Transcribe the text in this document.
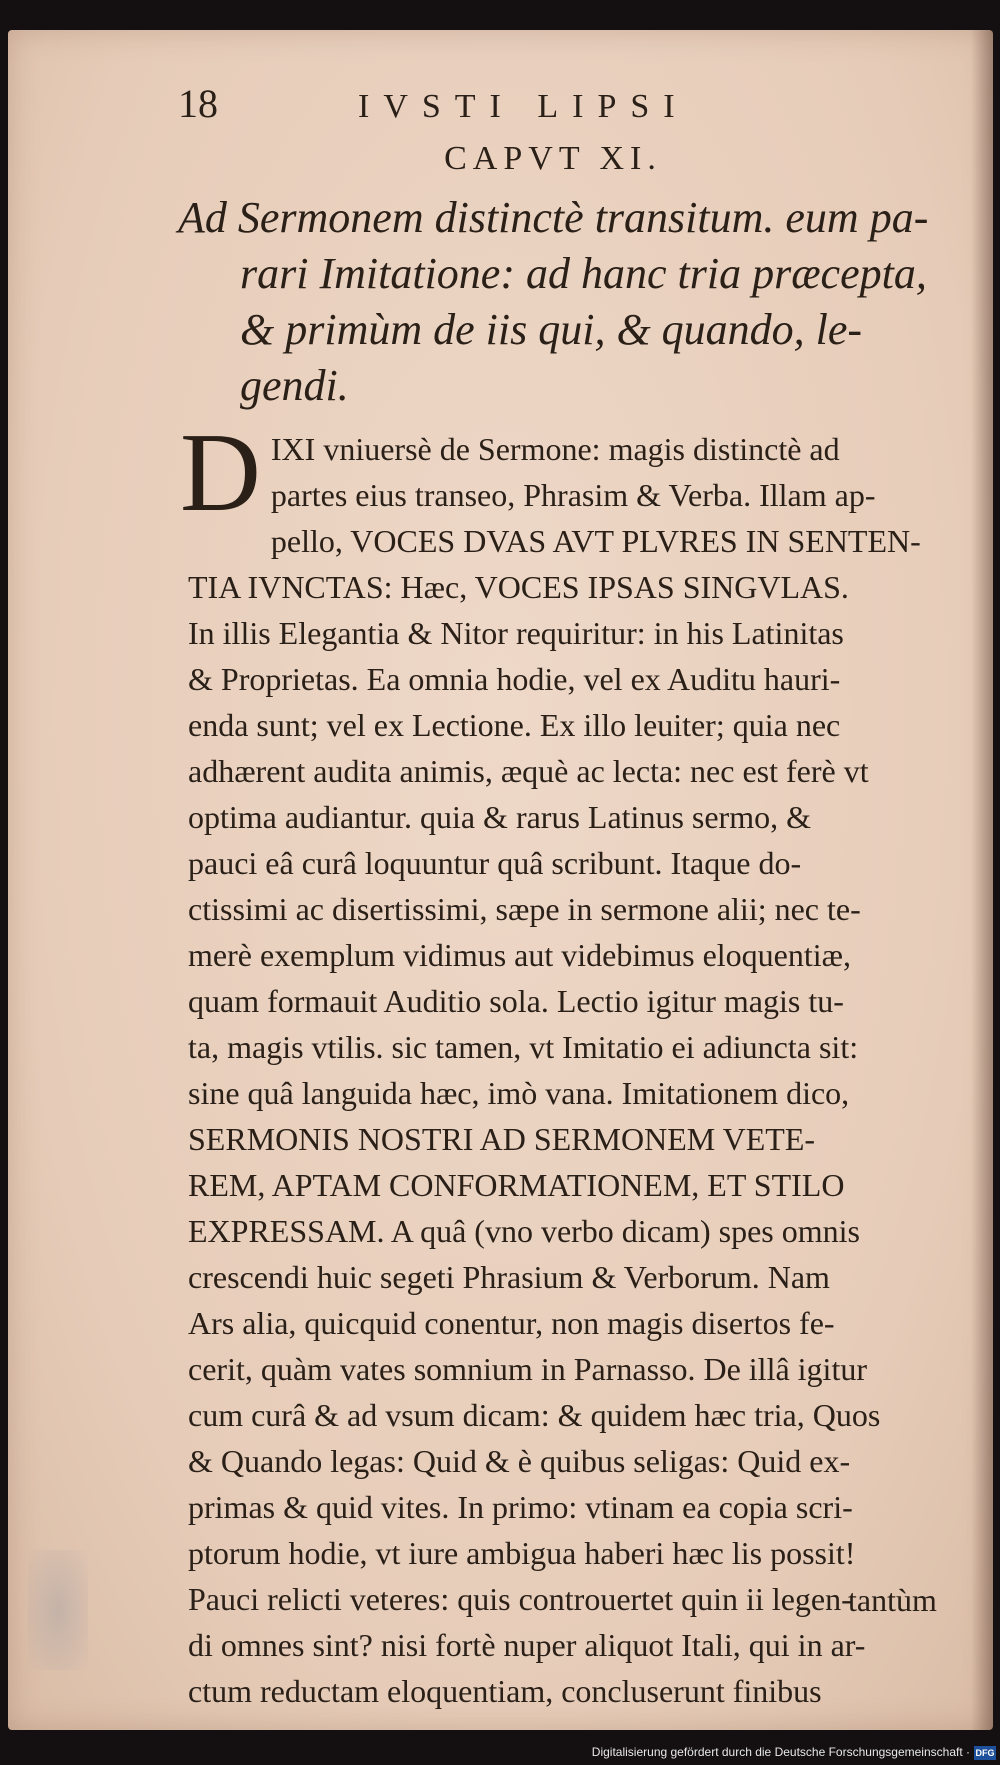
18	IVSTI LIPSI
CAPVT XI.
Ad Sermonem distinctè transitum. eum pa-
rari Imitatione: ad hanc tria præcepta,
& primùm de iis qui, & quando, le-
gendi.
D IXI vniuersè de Sermone: magis distinctè ad
partes eius transeo, Phrasim & Verba. Illam ap-
pello, VOCES DVAS AVT PLVRES IN SENTEN-
TIA IVNCTAS: Hæc, VOCES IPSAS SINGVLAS.
In illis Elegantia & Nitor requiritur: in his Latinitas
& Proprietas. Ea omnia hodie, vel ex Auditu hauri-
enda sunt; vel ex Lectione. Ex illo leuiter; quia nec
adhærent audita animis, æquè ac lecta: nec est ferè vt
optima audiantur. quia & rarus Latinus sermo, &
pauci eâ curâ loquuntur quâ scribunt. Itaque do-
ctissimi ac disertissimi, sæpe in sermone alii; nec te-
merè exemplum vidimus aut videbimus eloquentiæ,
quam formauit Auditio sola. Lectio igitur magis tu-
ta, magis vtilis. sic tamen, vt Imitatio ei adiuncta sit:
sine quâ languida hæc, imò vana. Imitationem dico,
SERMONIS NOSTRI AD SERMONEM VETE-
REM, APTAM CONFORMATIONEM, ET STILO
EXPRESSAM. A quâ (vno verbo dicam) spes omnis
crescendi huic segeti Phrasium & Verborum. Nam
Ars alia, quicquid conentur, non magis disertos fe-
cerit, quàm vates somnium in Parnasso. De illâ igitur
cum curâ & ad vsum dicam: & quidem hæc tria, Quos
& Quando legas: Quid & è quibus seligas: Quid ex-
primas & quid vites. In primo: vtinam ea copia scri-
ptorum hodie, vt iure ambigua haberi hæc lis possit!
Pauci relicti veteres: quis controuertet quin ii legen-
di omnes sint? nisi fortè nuper aliquot Itali, qui in ar-
ctum reductam eloquentiam, concluserunt finibus
tantùm
Digitalisierung gefördert durch die Deutsche Forschungsgemeinschaft · DFG
